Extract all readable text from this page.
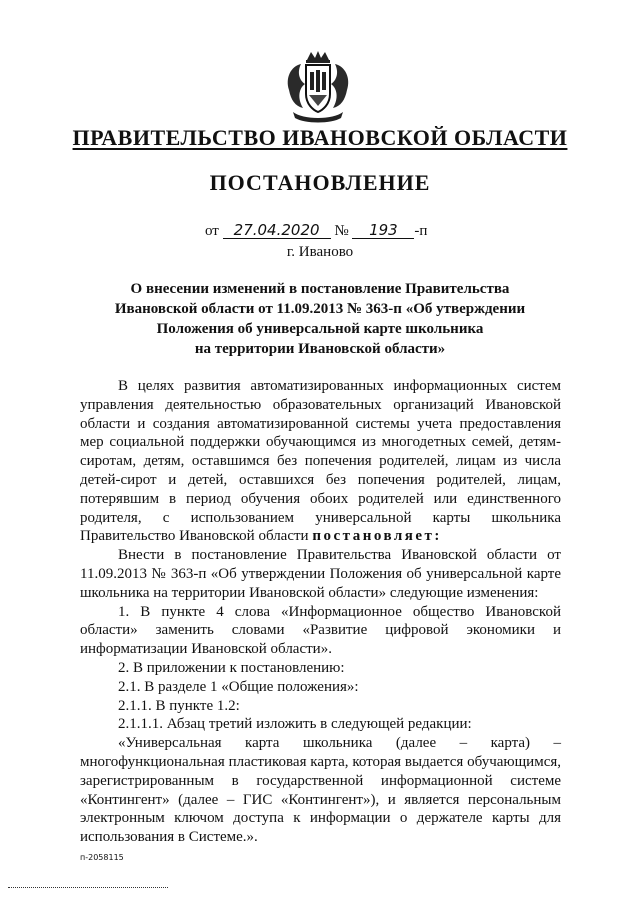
ПРАВИТЕЛЬСТВО ИВАНОВСКОЙ ОБЛАСТИ
ПОСТАНОВЛЕНИЕ
от 27.04.2020 № 193 -п
г. Иваново
О внесении изменений в постановление Правительства
Ивановской области от 11.09.2013 № 363-п «Об утверждении
Положения об универсальной карте школьника
на территории Ивановской области»

В целях развития автоматизированных информационных систем управления деятельностью образовательных организаций Ивановской области и создания автоматизированной системы учета предоставления мер социальной поддержки обучающимся из многодетных семей, детям-сиротам, детям, оставшимся без попечения родителей, лицам из числа детей-сирот и детей, оставшихся без попечения родителей, лицам, потерявшим в период обучения обоих родителей или единственного родителя, с использованием универсальной карты школьника Правительство Ивановской области постановляет:

Внести в постановление Правительства Ивановской области от 11.09.2013 № 363-п «Об утверждении Положения об универсальной карте школьника на территории Ивановской области» следующие изменения:

1. В пункте 4 слова «Информационное общество Ивановской области» заменить словами «Развитие цифровой экономики и информатизации Ивановской области».

2. В приложении к постановлению:

2.1. В разделе 1 «Общие положения»:

2.1.1. В пункте 1.2:

2.1.1.1. Абзац третий изложить в следующей редакции:

«Универсальная карта школьника (далее – карта) – многофункциональная пластиковая карта, которая выдается обучающимся, зарегистрированным в государственной информационной системе «Контингент» (далее – ГИС «Контингент»), и является персональным электронным ключом доступа к информации о держателе карты для использования в Системе.».

п-2058115
